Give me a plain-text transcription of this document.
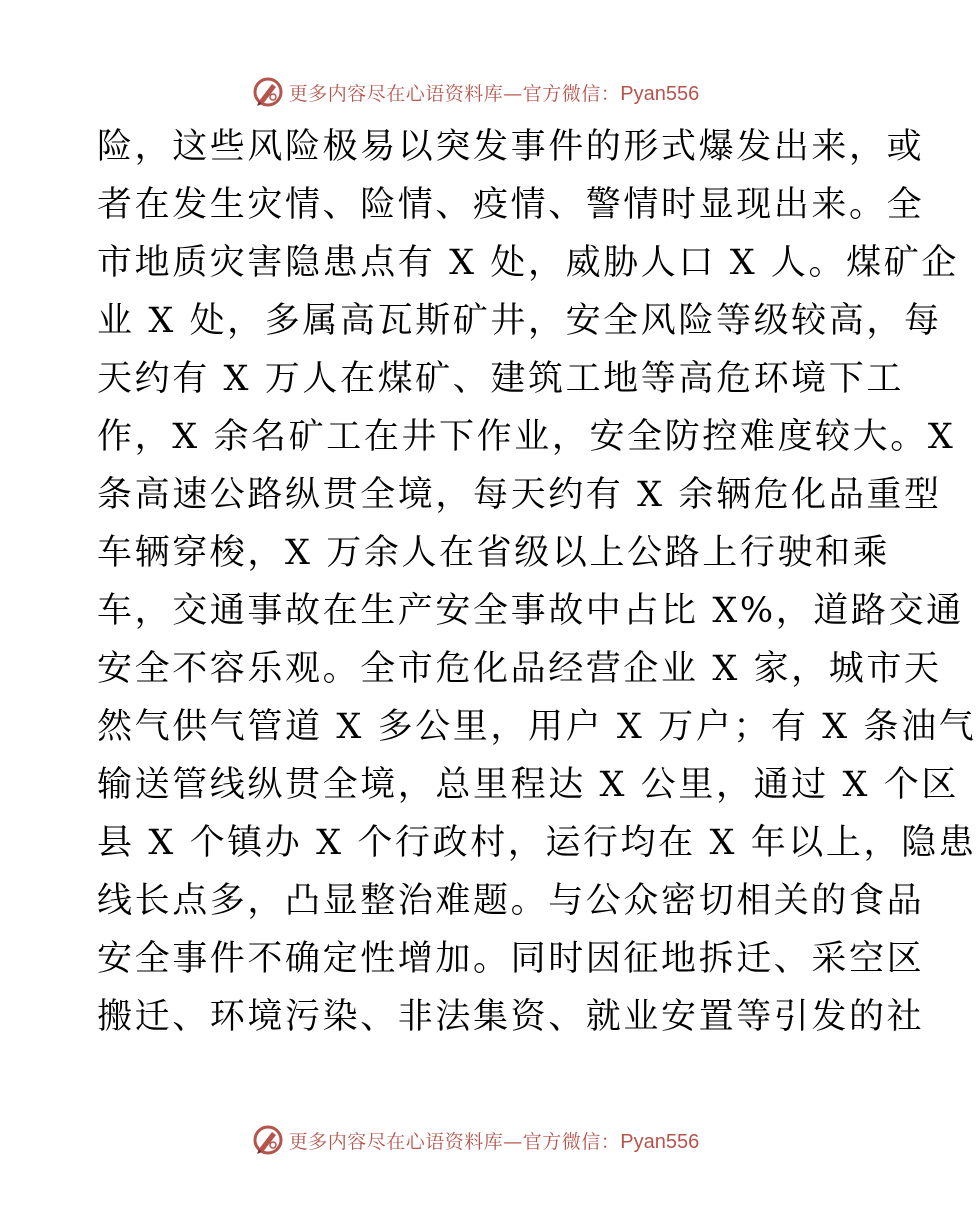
更多内容尽在心语资料库—官方微信：Pyan556
险，这些风险极易以突发事件的形式爆发出来，或
者在发生灾情、险情、疫情、警情时显现出来。全
市地质灾害隐患点有 X 处，威胁人口 X 人。煤矿企
业 X 处，多属高瓦斯矿井，安全风险等级较高，每
天约有 X 万人在煤矿、建筑工地等高危环境下工
作，X 余名矿工在井下作业，安全防控难度较大。X
条高速公路纵贯全境，每天约有 X 余辆危化品重型
车辆穿梭，X 万余人在省级以上公路上行驶和乘
车，交通事故在生产安全事故中占比 X%，道路交通
安全不容乐观。全市危化品经营企业 X 家，城市天
然气供气管道 X 多公里，用户 X 万户；有 X 条油气
输送管线纵贯全境，总里程达 X 公里，通过 X 个区
县 X 个镇办 X 个行政村，运行均在 X 年以上，隐患
线长点多，凸显整治难题。与公众密切相关的食品
安全事件不确定性增加。同时因征地拆迁、采空区
搬迁、环境污染、非法集资、就业安置等引发的社
更多内容尽在心语资料库—官方微信：Pyan556
